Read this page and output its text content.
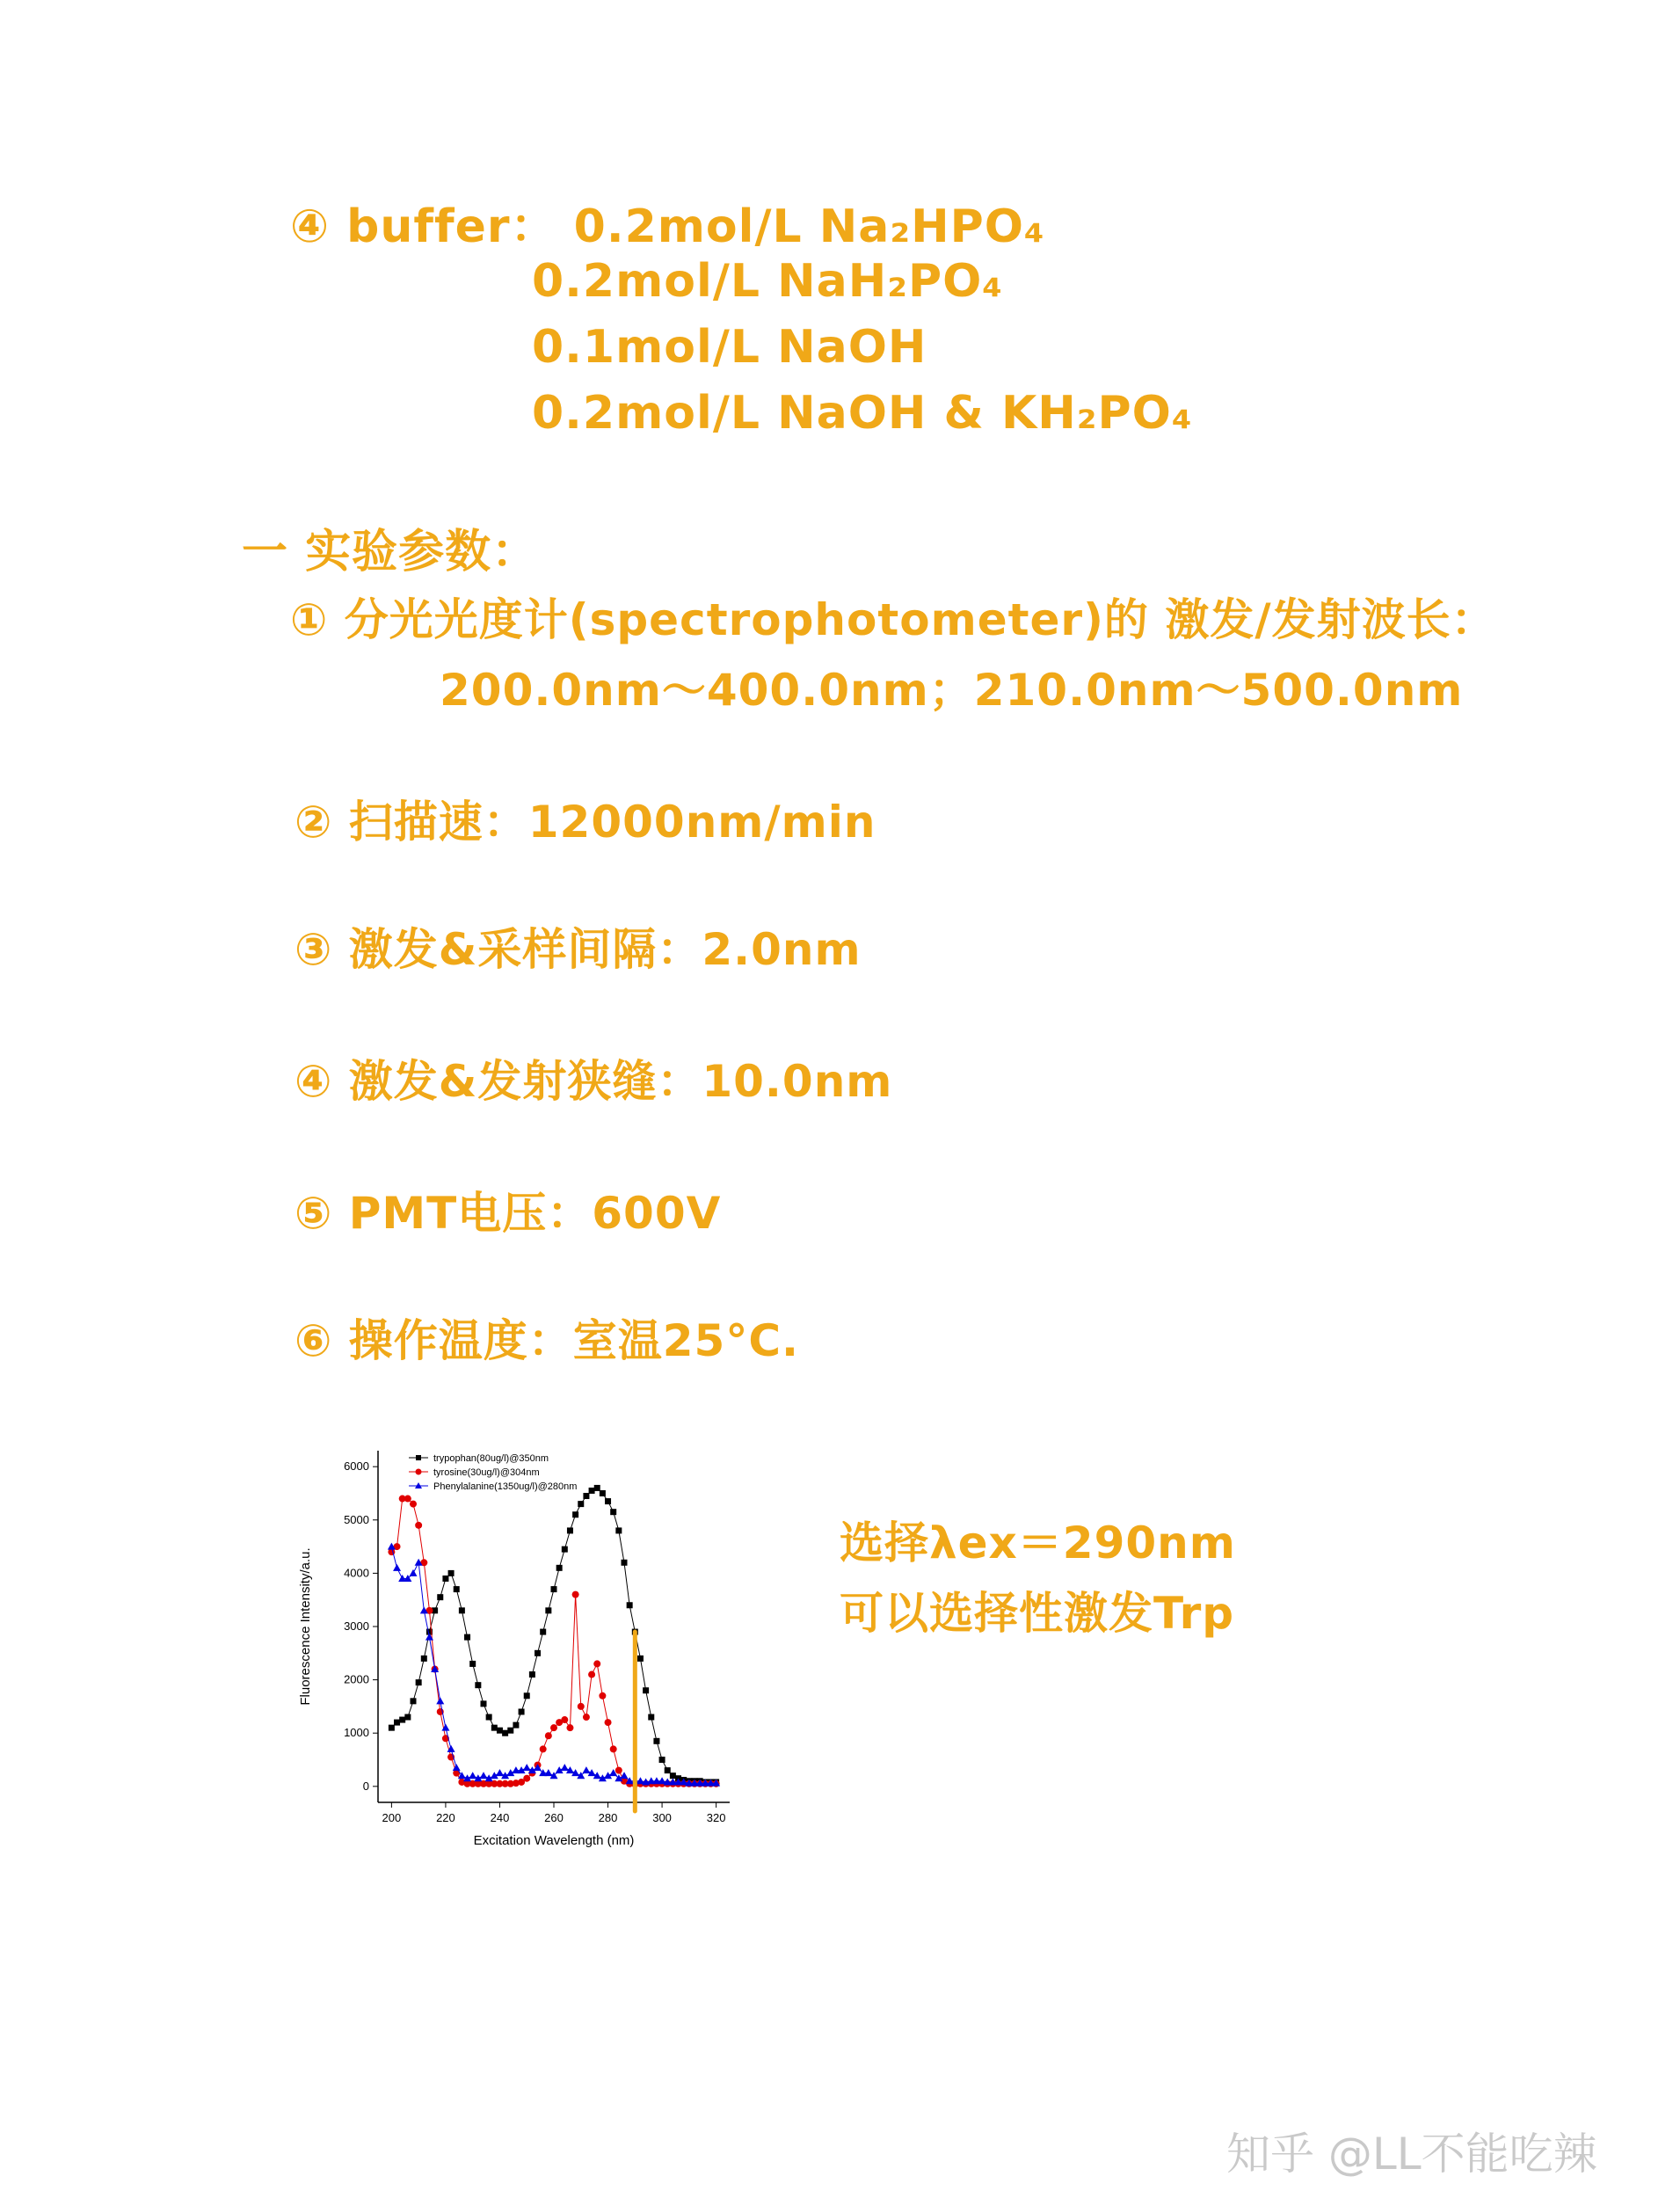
④ buffer： 0.2mol/L Na₂HPO₄
0.2mol/L NaH₂PO₄
0.1mol/L NaOH
0.2mol/L NaOH & KH₂PO₄
一 实验参数：
① 分光光度计(spectrophotometer)的 激发/发射波长：
200.0nm～400.0nm；210.0nm～500.0nm
② 扫描速：12000nm/min
③ 激发&采样间隔：2.0nm
④ 激发&发射狭缝：10.0nm
⑤ PMT电压：600V
⑥ 操作温度：室温25°C.
200	220	240	260	280	300	320
0
1000
2000
3000
4000
5000
6000
trypophan(80ug/l)@350nm
tyrosine(30ug/l)@304nm
Phenylalanine(1350ug/l)@280nm
Excitation Wavelength (nm)
Fluorescence Intensity/a.u.
选择λex＝290nm
可以选择性激发Trp
知乎 @LL不能吃辣
